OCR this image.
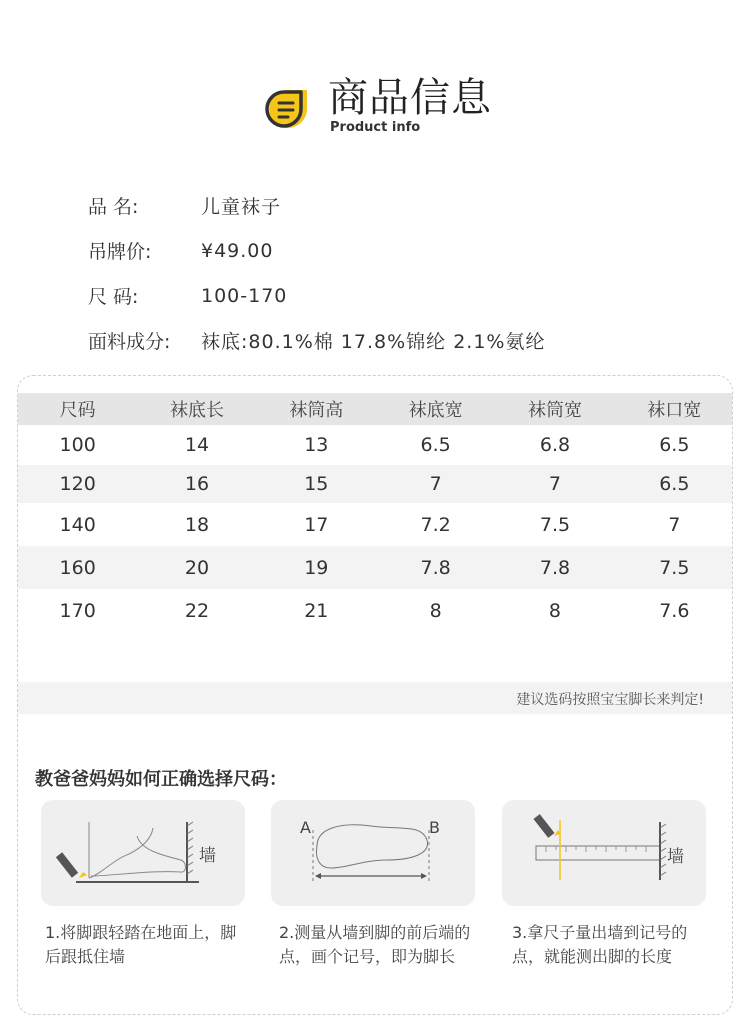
商品信息
Product info
品 名:	儿童袜子
吊牌价:	¥49.00
尺 码:	100-170
面料成分: 袜底:80.1%棉 17.8%锦纶 2.1%氨纶
尺码	袜底长	袜筒高	袜底宽	袜筒宽	袜口宽
100	14	13	6.5	6.8	6.5
120	16	15	7	7	6.5
140	18	17	7.2	7.5	7
160	20	19	7.8	7.8	7.5
170	22	21	8	8	7.6
建议选码按照宝宝脚长来判定!
教爸爸妈妈如何正确选择尺码：
墙
A	B
墙
1.将脚跟轻踏在地面上，脚后跟抵住墙
2.测量从墙到脚的前后端的点，画个记号，即为脚长
3.拿尺子量出墙到记号的点，就能测出脚的长度
